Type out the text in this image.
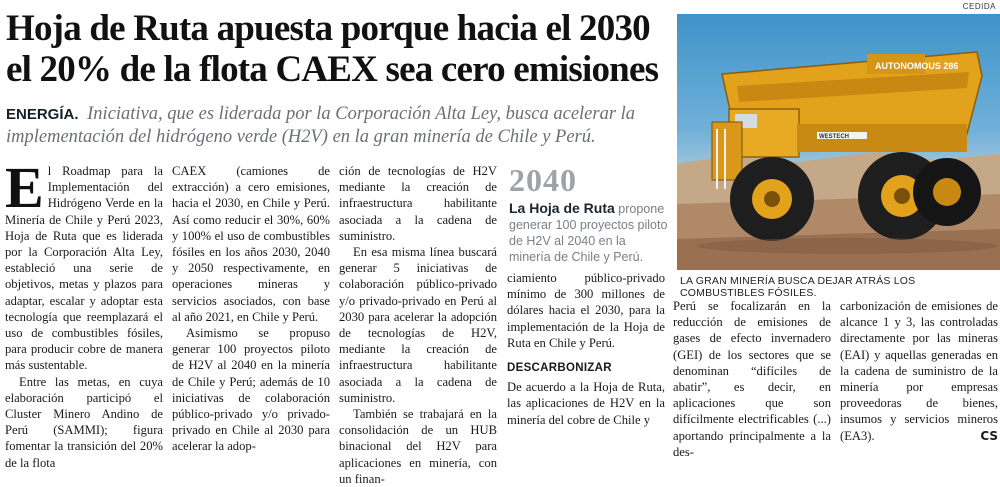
Hoja de Ruta apuesta porque hacia el 2030 el 20% de la flota CAEX sea cero emisiones
ENERGÍA. Iniciativa, que es liderada por la Corporación Alta Ley, busca acelerar la implementación del hidrógeno verde (H2V) en la gran minería de Chile y Perú.

El Roadmap para la Implementación del Hidrógeno Verde en la Minería de Chile y Perú 2023, Hoja de Ruta que es liderada por la Corporación Alta Ley, estableció una serie de objetivos, metas y plazos para adaptar, escalar y adoptar esta tecnología que reemplazará el uso de combustibles fósiles, para producir cobre de manera más sustentable.

Entre las metas, en cuya elaboración participó el Cluster Minero Andino de Perú (SAMMI); figura fomentar la transición del 20% de la flota

CAEX (camiones de extracción) a cero emisiones, hacia el 2030, en Chile y Perú. Así como reducir el 30%, 60% y 100% el uso de combustibles fósiles en los años 2030, 2040 y 2050 respectivamente, en operaciones mineras y servicios asociados, con base al año 2021, en Chile y Perú.

Asimismo se propuso generar 100 proyectos piloto de H2V al 2040 en la minería de Chile y Perú; además de 10 iniciativas de colaboración público-privado y/o privado-privado en Chile al 2030 para acelerar la adop-

ción de tecnologías de H2V mediante la creación de infraestructura habilitante asociada a la cadena de suministro.

En esa misma línea buscará generar 5 iniciativas de colaboración público-privado y/o privado-privado en Perú al 2030 para acelerar la adopción de tecnologías de H2V, mediante la creación de infraestructura habilitante asociada a la cadena de suministro.

También se trabajará en la consolidación de un HUB binacional del H2V para aplicaciones en minería, con un finan-

2040
La Hoja de Ruta propone generar 100 proyectos piloto de H2V al 2040 en la minería de Chile y Perú.

ciamiento público-privado mínimo de 300 millones de dólares hacia el 2030, para la implementación de la Hoja de Ruta en Chile y Perú.

DESCARBONIZAR

De acuerdo a la Hoja de Ruta, las aplicaciones de H2V en la minería del cobre de Chile y

Perú se focalizarán en la reducción de emisiones de gases de efecto invernadero (GEI) de los sectores que se denominan “difíciles de abatir”, es decir, en aplicaciones que son difícilmente electrificables (...) aportando principalmente a la des-

carbonización de emisiones de alcance 1 y 3, las controladas directamente por las mineras (EAI) y aquellas generadas en la cadena de suministro de la minería por empresas proveedoras de bienes, insumos y servicios mineros (EA3).	CS

CEDIDA
AUTONOMOUS 286
WESTECH
LA GRAN MINERÍA BUSCA DEJAR ATRÁS LOS COMBUSTIBLES FÓSILES.
